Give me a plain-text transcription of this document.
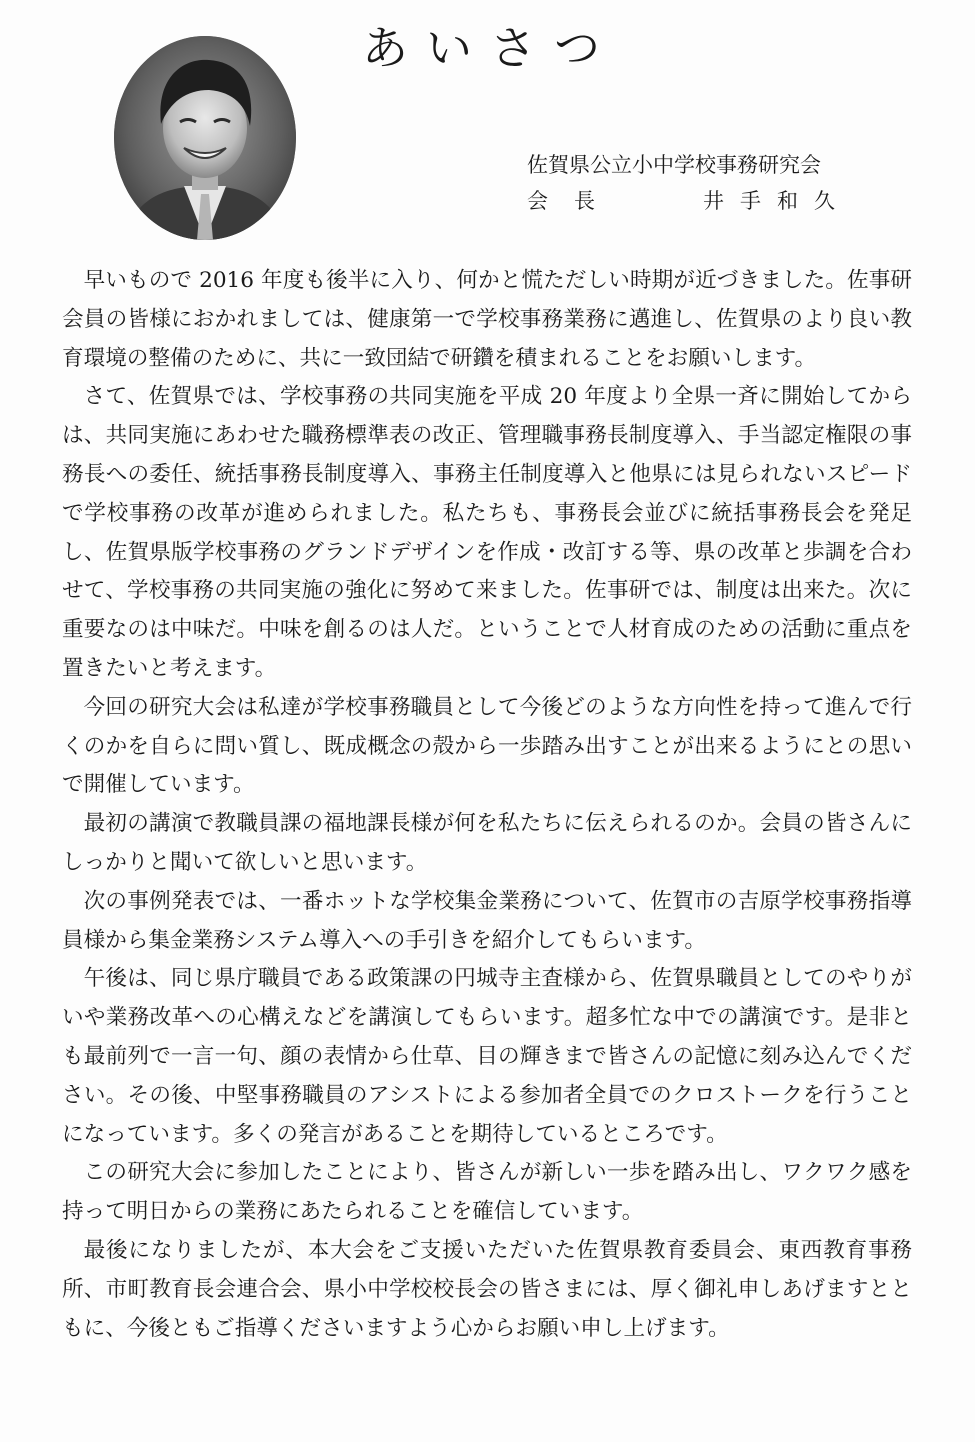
あいさつ
佐賀県公立小中学校事務研究会
会長	井手和久

早いもので 2016 年度も後半に入り、何かと慌ただしい時期が近づきました。佐事研会員の皆様におかれましては、健康第一で学校事務業務に邁進し、佐賀県のより良い教育環境の整備のために、共に一致団結で研鑽を積まれることをお願いします。

さて、佐賀県では、学校事務の共同実施を平成 20 年度より全県一斉に開始してからは、共同実施にあわせた職務標準表の改正、管理職事務長制度導入、手当認定権限の事務長への委任、統括事務長制度導入、事務主任制度導入と他県には見られないスピードで学校事務の改革が進められました。私たちも、事務長会並びに統括事務長会を発足し、佐賀県版学校事務のグランドデザインを作成・改訂する等、県の改革と歩調を合わせて、学校事務の共同実施の強化に努めて来ました。佐事研では、制度は出来た。次に重要なのは中味だ。中味を創るのは人だ。ということで人材育成のための活動に重点を置きたいと考えます。

今回の研究大会は私達が学校事務職員として今後どのような方向性を持って進んで行くのかを自らに問い質し、既成概念の殻から一歩踏み出すことが出来るようにとの思いで開催しています。

最初の講演で教職員課の福地課長様が何を私たちに伝えられるのか。会員の皆さんにしっかりと聞いて欲しいと思います。

次の事例発表では、一番ホットな学校集金業務について、佐賀市の吉原学校事務指導員様から集金業務システム導入への手引きを紹介してもらいます。

午後は、同じ県庁職員である政策課の円城寺主査様から、佐賀県職員としてのやりがいや業務改革への心構えなどを講演してもらいます。超多忙な中での講演です。是非とも最前列で一言一句、顔の表情から仕草、目の輝きまで皆さんの記憶に刻み込んでください。その後、中堅事務職員のアシストによる参加者全員でのクロストークを行うことになっています。多くの発言があることを期待しているところです。

この研究大会に参加したことにより、皆さんが新しい一歩を踏み出し、ワクワク感を持って明日からの業務にあたられることを確信しています。

最後になりましたが、本大会をご支援いただいた佐賀県教育委員会、東西教育事務所、市町教育長会連合会、県小中学校校長会の皆さまには、厚く御礼申しあげますとともに、今後ともご指導くださいますよう心からお願い申し上げます。
